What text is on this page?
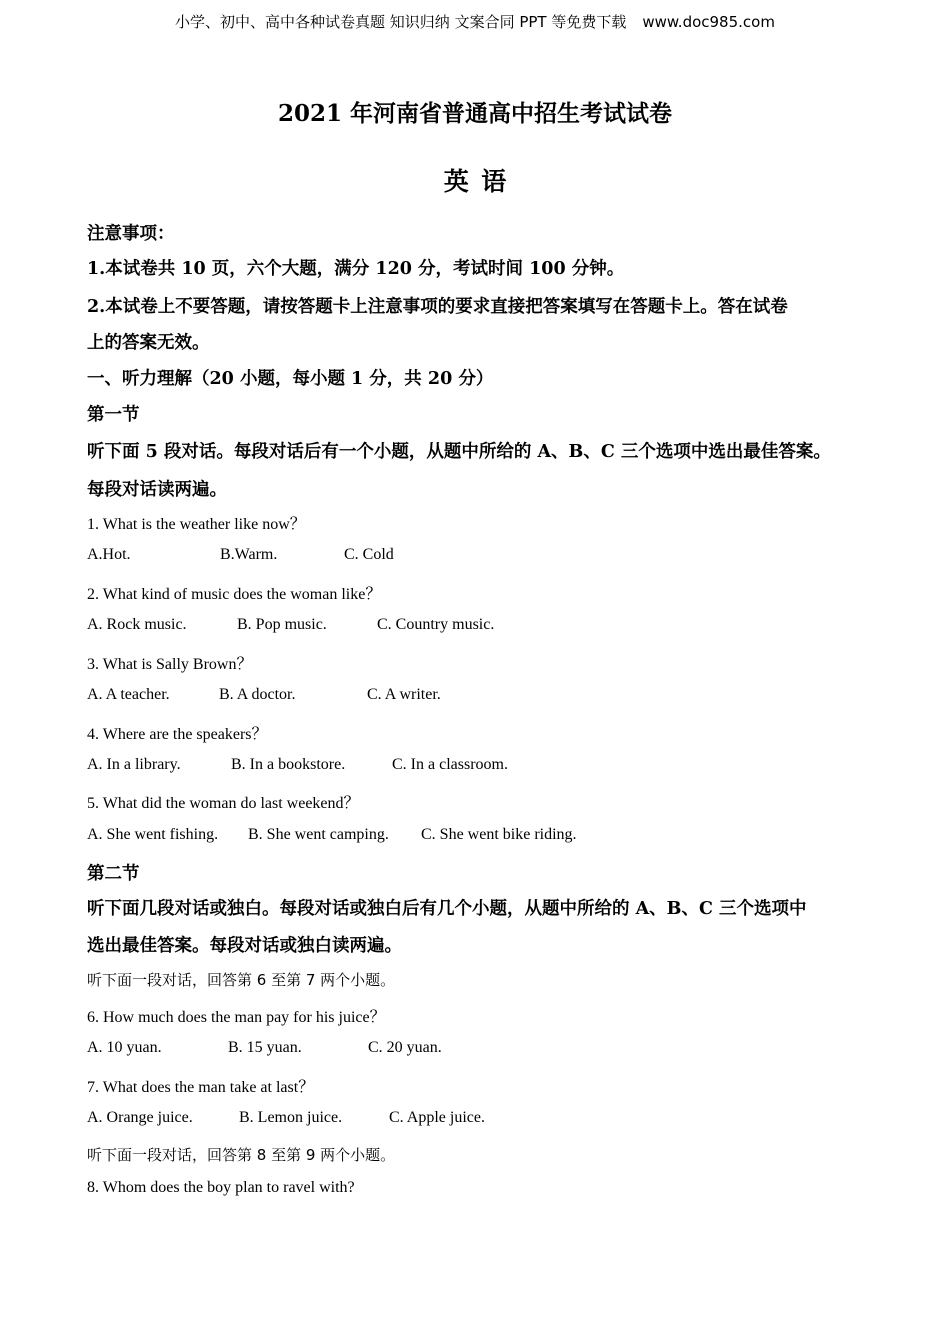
小学、初中、高中各种试卷真题 知识归纳 文案合同 PPT 等免费下载 www.doc985.com
2021 年河南省普通高中招生考试试卷
英语
注意事项：
1.本试卷共 10 页，六个大题，满分 120 分，考试时间 100 分钟。
2.本试卷上不要答题，请按答题卡上注意事项的要求直接把答案填写在答题卡上。答在试卷
上的答案无效。
一、听力理解（20 小题，每小题 1 分，共 20 分）
第一节
听下面 5 段对话。每段对话后有一个小题，从题中所给的 A、B、C 三个选项中选出最佳答案。
每段对话读两遍。
1. What is the weather like now？
A.Hot.	B.Warm.	C. Cold
2. What kind of music does the woman like？
A. Rock music.	B. Pop music.	C. Country music.
3. What is Sally Brown？
A. A teacher.	B. A doctor.	C. A writer.
4. Where are the speakers？
A. In a library.	B. In a bookstore.	C. In a classroom.
5. What did the woman do last weekend？
A. She went fishing. B. She went camping. C. She went bike riding.
第二节
听下面几段对话或独白。每段对话或独白后有几个小题，从题中所给的 A、B、C 三个选项中
选出最佳答案。每段对话或独白读两遍。
听下面一段对话，回答第 6 至第 7 两个小题。
6. How much does the man pay for his juice？
A. 10 yuan.	B. 15 yuan.	C. 20 yuan.
7. What does the man take at last？
A. Orange juice.	B. Lemon juice.	C. Apple juice.
听下面一段对话，回答第 8 至第 9 两个小题。
8. Whom does the boy plan to ravel with?
